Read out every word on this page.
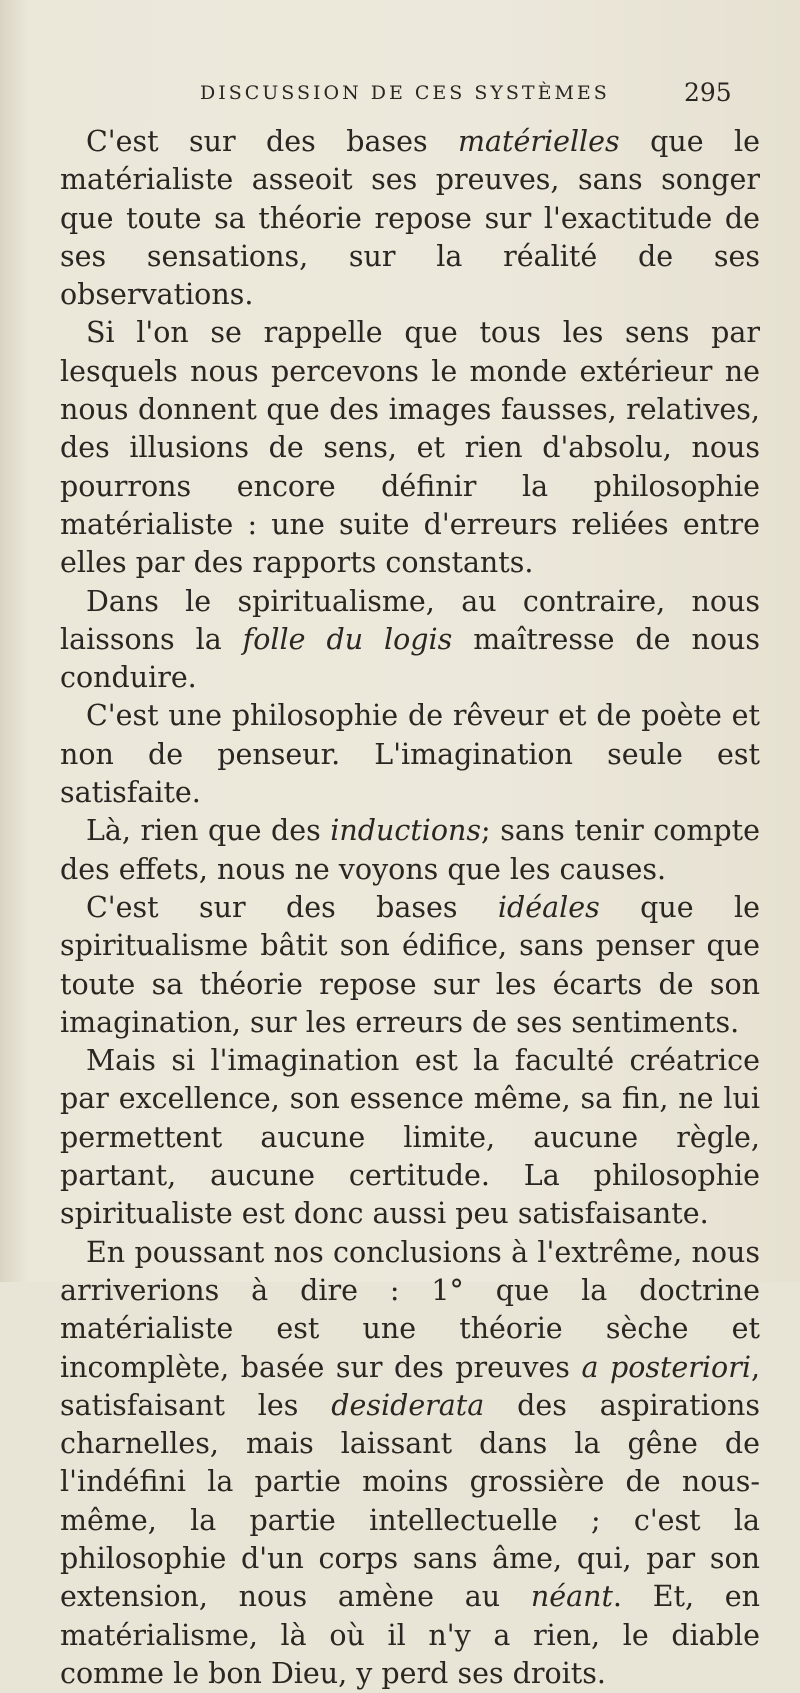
DISCUSSION DE CES SYSTÈMES	295

C'est sur des bases matérielles que le matérialiste asseoit ses preuves, sans songer que toute sa théorie repose sur l'exactitude de ses sensations, sur la réalité de ses observations.

Si l'on se rappelle que tous les sens par lesquels nous percevons le monde extérieur ne nous donnent que des images fausses, relatives, des illusions de sens, et rien d'absolu, nous pourrons encore définir la philosophie matérialiste : une suite d'erreurs reliées entre elles par des rapports constants.

Dans le spiritualisme, au contraire, nous laissons la folle du logis maîtresse de nous conduire.

C'est une philosophie de rêveur et de poète et non de penseur. L'imagination seule est satisfaite.

Là, rien que des inductions; sans tenir compte des effets, nous ne voyons que les causes.

C'est sur des bases idéales que le spiritualisme bâtit son édifice, sans penser que toute sa théorie repose sur les écarts de son imagination, sur les erreurs de ses sentiments.

Mais si l'imagination est la faculté créatrice par excellence, son essence même, sa fin, ne lui permettent aucune limite, aucune règle, partant, aucune certitude. La philosophie spiritualiste est donc aussi peu satisfaisante.

En poussant nos conclusions à l'extrême, nous arriverions à dire : 1° que la doctrine matérialiste est une théorie sèche et incomplète, basée sur des preuves a posteriori, satisfaisant les desiderata des aspirations charnelles, mais laissant dans la gêne de l'indéfini la partie moins grossière de nous-même, la partie intellectuelle ; c'est la philosophie d'un corps sans âme, qui, par son extension, nous amène au néant. Et, en matérialisme, là où il n'y a rien, le diable comme le bon Dieu, y perd ses droits.
